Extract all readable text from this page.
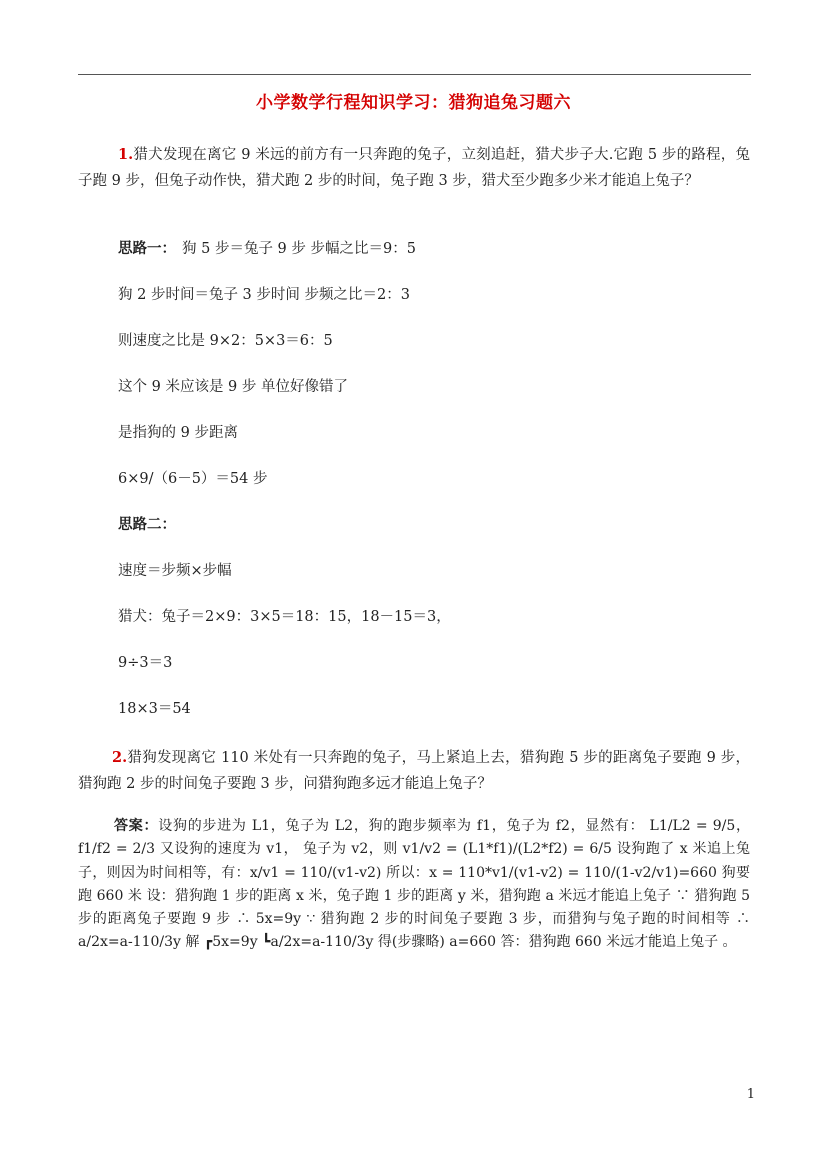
小学数学行程知识学习：猎狗追兔习题六
1.猎犬发现在离它 9 米远的前方有一只奔跑的兔子，立刻追赶，猎犬步子大.它跑 5 步的路程，兔子跑 9 步，但兔子动作快，猎犬跑 2 步的时间，兔子跑 3 步，猎犬至少跑多少米才能追上兔子？
思路一： 狗 5 步＝兔子 9 步 步幅之比＝9：5
狗 2 步时间＝兔子 3 步时间 步频之比＝2：3
则速度之比是 9×2：5×3＝6：5
这个 9 米应该是 9 步 单位好像错了
是指狗的 9 步距离
6×9/（6－5）＝54 步
思路二：
速度＝步频×步幅
猎犬：兔子＝2×9：3×5＝18：15，18－15＝3，
9÷3＝3
18×3＝54
2.猎狗发现离它 110 米处有一只奔跑的兔子，马上紧追上去，猎狗跑 5 步的距离兔子要跑 9 步，猎狗跑 2 步的时间兔子要跑 3 步，问猎狗跑多远才能追上兔子？
答案：设狗的步进为 L1，兔子为 L2，狗的跑步频率为 f1，兔子为 f2，显然有： L1/L2 = 9/5，f1/f2 = 2/3 又设狗的速度为 v1， 兔子为 v2，则 v1/v2 = (L1*f1)/(L2*f2) = 6/5 设狗跑了 x 米追上兔子，则因为时间相等，有：x/v1 = 110/(v1-v2) 所以：x = 110*v1/(v1-v2) = 110/(1-v2/v1)=660 狗要跑 660 米 设：猎狗跑 1 步的距离 x 米，兔子跑 1 步的距离 y 米，猎狗跑 a 米远才能追上兔子 ∵ 猎狗跑 5 步的距离兔子要跑 9 步 ∴ 5x=9y ∵ 猎狗跑 2 步的时间兔子要跑 3 步，而猎狗与兔子跑的时间相等 ∴ a/2x=a-110/3y 解 ┏5x=9y ┗a/2x=a-110/3y 得(步骤略) a=660 答：猎狗跑 660 米远才能追上兔子 。
1
